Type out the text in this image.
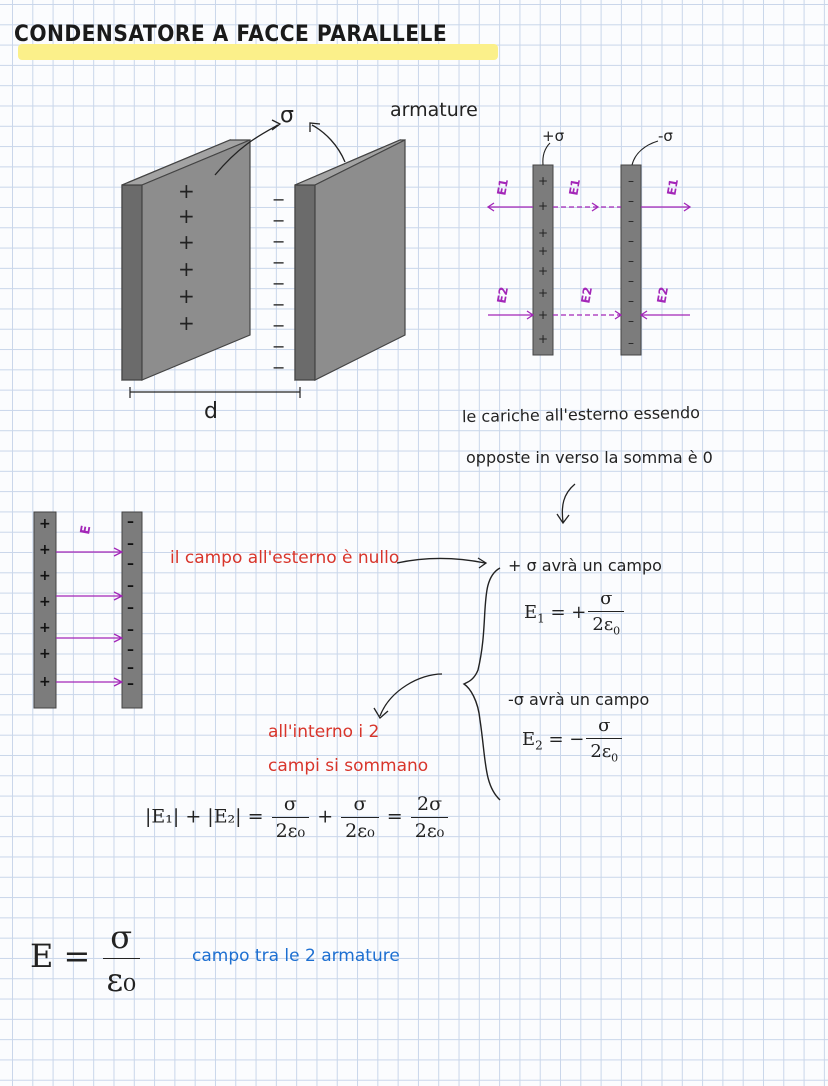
CONDENSATORE A FACCE PARALLELE
+
+
+
+
+
+
−
−
−
−
−
−
−
−
−
σ	armature
d
+σ	-σ
E1	E1	E1
E2	E2	E2
+
+
+
+
+
+
+
+
–
–
–
–
–
–
–
–
–
le cariche all'esterno essendo
opposte in verso la somma è 0
+
+
+
+
+
+
+
–
–
–
–
–
–
–
–
–
E
il campo all'esterno è nullo	+ σ avrà un campo
$E_1$ = + $\frac{\sigma}{2\varepsilon_0}$
-σ avrà un campo
$E_2$ = − $\frac{\sigma}{2\varepsilon_0}$
all'interno i 2
campi si sommano
$|E_1| + |E_2| = \frac{\sigma}{\text{2ε₀}} + \frac{\sigma}{\text{2ε₀}} = \frac{2\sigma}{\text{2ε₀}}$
$E = \frac{\sigma}{\text{ε₀}}$	campo tra le 2 armature
